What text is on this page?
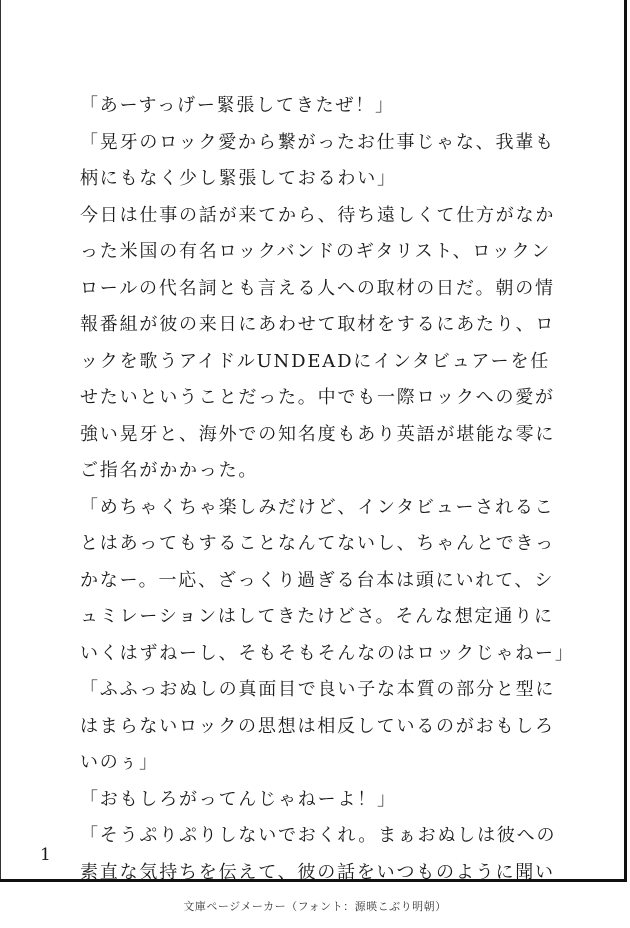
「あーすっげー緊張してきたぜ！」
「晃牙のロック愛から繋がったお仕事じゃな、我輩も
柄にもなく少し緊張しておるわい」
今日は仕事の話が来てから、待ち遠しくて仕方がなか
った米国の有名ロックバンドのギタリスト、ロックン
ロールの代名詞とも言える人への取材の日だ。朝の情
報番組が彼の来日にあわせて取材をするにあたり、ロ
ックを歌うアイドルUNDEADにインタビュアーを任
せたいということだった。中でも一際ロックへの愛が
強い晃牙と、海外での知名度もあり英語が堪能な零に
ご指名がかかった。
「めちゃくちゃ楽しみだけど、インタビューされるこ
とはあってもすることなんてないし、ちゃんとできっ
かなー。一応、ざっくり過ぎる台本は頭にいれて、シ
ュミレーションはしてきたけどさ。そんな想定通りに
いくはずねーし、そもそもそんなのはロックじゃねー」
「ふふっおぬしの真面目で良い子な本質の部分と型に
はまらないロックの思想は相反しているのがおもしろ
いのぅ」
「おもしろがってんじゃねーよ！」
「そうぷりぷりしないでおくれ。まぁおぬしは彼への
素直な気持ちを伝えて、彼の話をいつものように聞い
1
文庫ページメーカー（フォント：源暎こぶり明朝）
